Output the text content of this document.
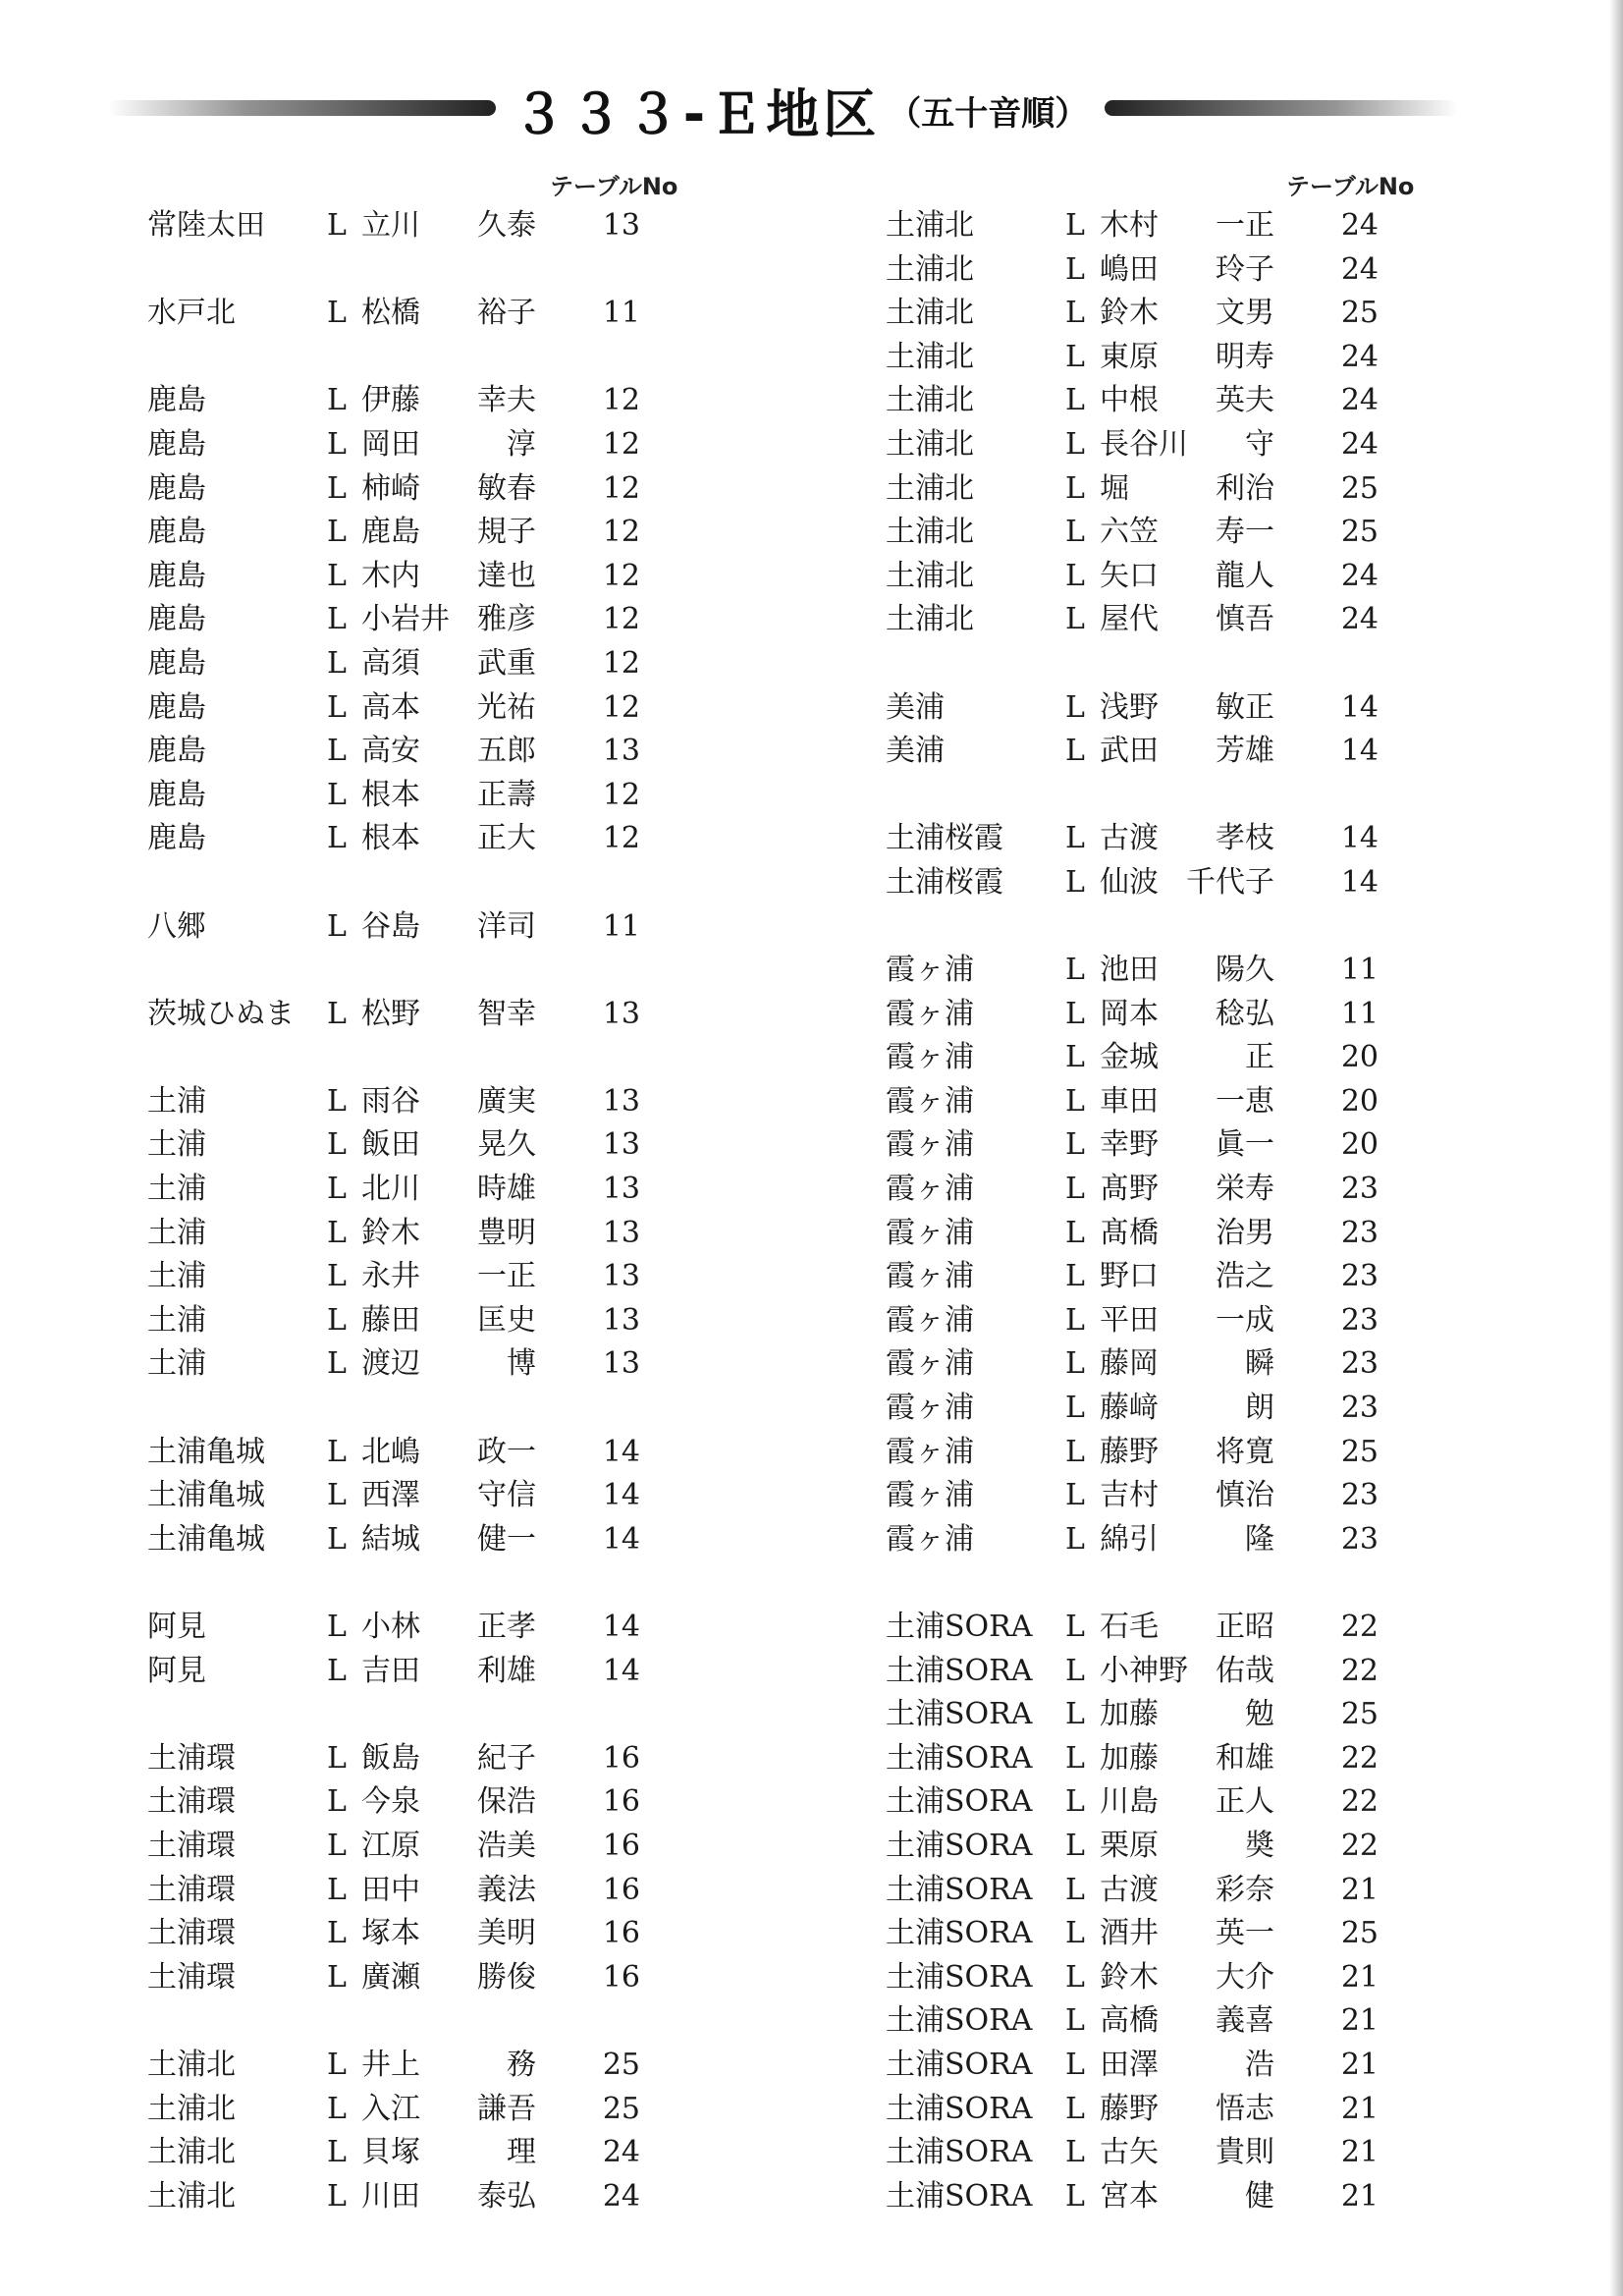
３３３-Ｅ地区 （五十音順）
テーブルNo
常陸太田 L 立川	久泰	13
水戸北	L 松橋	裕子	11
鹿島	L 伊藤	幸夫	12
鹿島	L 岡田	淳	12
鹿島	L 柿崎	敏春	12
鹿島	L 鹿島	規子	12
鹿島	L 木内	達也	12
鹿島	L 小岩井 雅彦	12
鹿島	L 高須	武重	12
鹿島	L 高本	光祐	12
鹿島	L 高安	五郎	13
鹿島	L 根本	正壽	12
鹿島	L 根本	正大	12
八郷	L 谷島	洋司	11
茨城ひぬま L 松野	智幸	13
土浦	L 雨谷	廣実	13
土浦	L 飯田	晃久	13
土浦	L 北川	時雄	13
土浦	L 鈴木	豊明	13
土浦	L 永井	一正	13
土浦	L 藤田	匡史	13
土浦	L 渡辺	博	13
土浦亀城 L 北嶋	政一	14
土浦亀城 L 西澤	守信	14
土浦亀城 L 結城	健一	14
阿見	L 小林	正孝	14
阿見	L 吉田	利雄	14
土浦環	L 飯島	紀子	16
土浦環	L 今泉	保浩	16
土浦環	L 江原	浩美	16
土浦環	L 田中	義法	16
土浦環	L 塚本	美明	16
土浦環	L 廣瀬	勝俊	16
土浦北	L 井上	務	25
土浦北	L 入江	謙吾	25
土浦北	L 貝塚	理	24
土浦北	L 川田	泰弘	24
テーブルNo
土浦北	L 木村	一正	24
土浦北	L 嶋田	玲子	24
土浦北	L 鈴木	文男	25
土浦北	L 東原	明寿	24
土浦北	L 中根	英夫	24
土浦北	L 長谷川	守	24
土浦北	L 堀	利治	25
土浦北	L 六笠	寿一	25
土浦北	L 矢口	龍人	24
土浦北	L 屋代	慎吾	24
美浦	L 浅野	敏正	14
美浦	L 武田	芳雄	14
土浦桜霞 L 古渡	孝枝	14
土浦桜霞 L 仙波 千代子	14
霞ヶ浦	L 池田	陽久	11
霞ヶ浦	L 岡本	稔弘	11
霞ヶ浦	L 金城	正	20
霞ヶ浦	L 車田	一恵	20
霞ヶ浦	L 幸野	眞一	20
霞ヶ浦	L 髙野	栄寿	23
霞ヶ浦	L 髙橋	治男	23
霞ヶ浦	L 野口	浩之	23
霞ヶ浦	L 平田	一成	23
霞ヶ浦	L 藤岡	瞬	23
霞ヶ浦	L 藤﨑	朗	23
霞ヶ浦	L 藤野	将寛	25
霞ヶ浦	L 吉村	慎治	23
霞ヶ浦	L 綿引	隆	23
土浦SORA L 石毛	正昭	22
土浦SORA L 小神野 佑哉	22
土浦SORA L 加藤	勉	25
土浦SORA L 加藤	和雄	22
土浦SORA L 川島	正人	22
土浦SORA L 栗原	奬	22
土浦SORA L 古渡	彩奈	21
土浦SORA L 酒井	英一	25
土浦SORA L 鈴木	大介	21
土浦SORA L 高橋	義喜	21
土浦SORA L 田澤	浩	21
土浦SORA L 藤野	悟志	21
土浦SORA L 古矢	貴則	21
土浦SORA L 宮本	健	21
